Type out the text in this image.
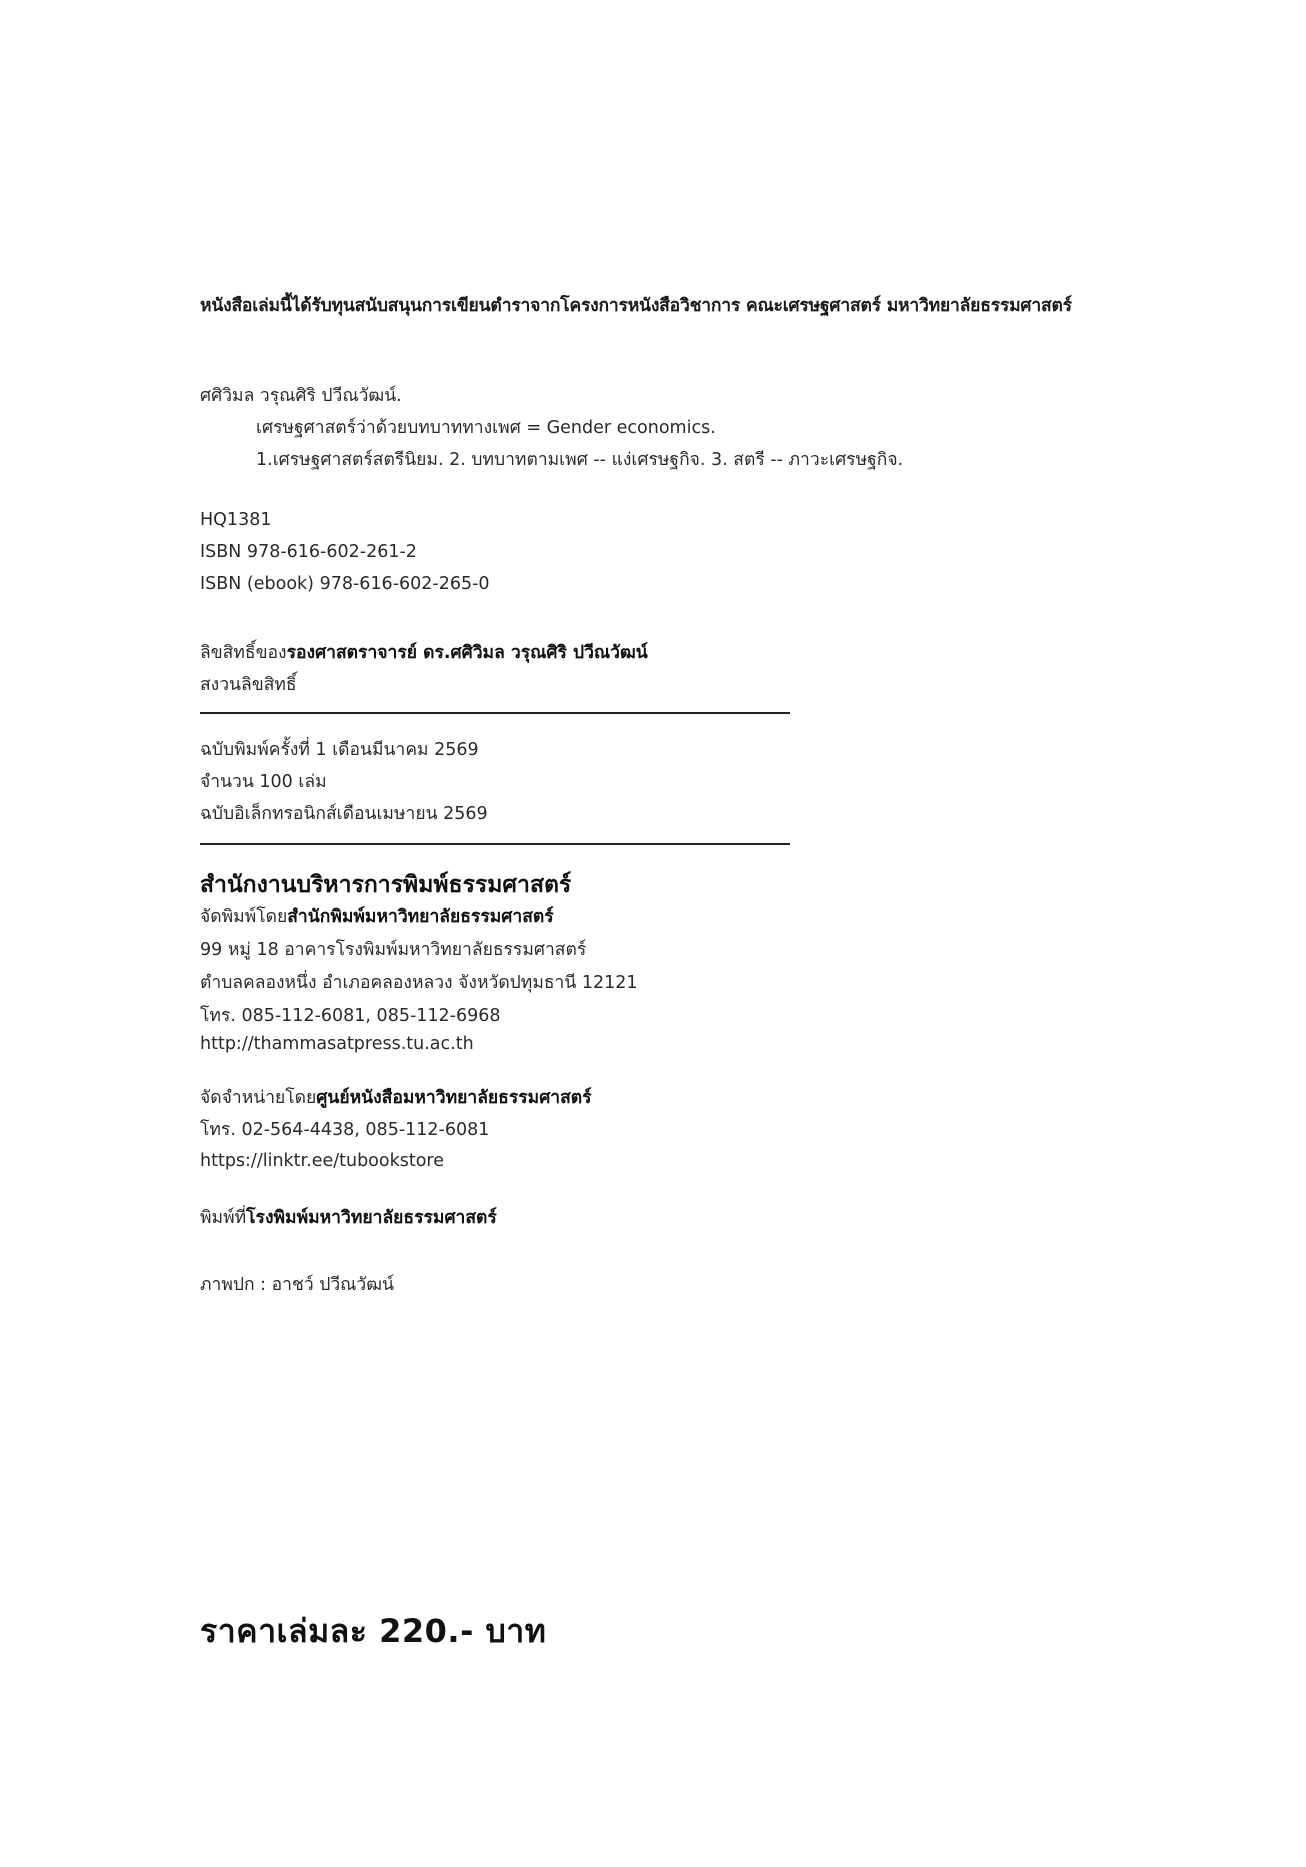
หนังสือเล่มนี้ได้รับทุนสนับสนุนการเขียนตำราจากโครงการหนังสือวิชาการ คณะเศรษฐศาสตร์ มหาวิทยาลัยธรรมศาสตร์
ศศิวิมล วรุณศิริ ปวีณวัฒน์.
เศรษฐศาสตร์ว่าด้วยบทบาททางเพศ = Gender economics.
1.เศรษฐศาสตร์สตรีนิยม. 2. บทบาทตามเพศ -- แง่เศรษฐกิจ. 3. สตรี -- ภาวะเศรษฐกิจ.
HQ1381
ISBN 978-616-602-261-2
ISBN (ebook) 978-616-602-265-0
ลิขสิทธิ์ของรองศาสตราจารย์ ดร.ศศิวิมล วรุณศิริ ปวีณวัฒน์
สงวนลิขสิทธิ์
ฉบับพิมพ์ครั้งที่ 1 เดือนมีนาคม 2569
จำนวน 100 เล่ม
ฉบับอิเล็กทรอนิกส์เดือนเมษายน 2569
สำนักงานบริหารการพิมพ์ธรรมศาสตร์
จัดพิมพ์โดยสำนักพิมพ์มหาวิทยาลัยธรรมศาสตร์
99 หมู่ 18 อาคารโรงพิมพ์มหาวิทยาลัยธรรมศาสตร์
ตำบลคลองหนึ่ง อำเภอคลองหลวง จังหวัดปทุมธานี 12121
โทร. 085-112-6081, 085-112-6968
http://thammasatpress.tu.ac.th
จัดจำหน่ายโดยศูนย์หนังสือมหาวิทยาลัยธรรมศาสตร์
โทร. 02-564-4438, 085-112-6081
https://linktr.ee/tubookstore
พิมพ์ที่โรงพิมพ์มหาวิทยาลัยธรรมศาสตร์
ภาพปก : อาชว์ ปวีณวัฒน์
ราคาเล่มละ 220.- บาท
